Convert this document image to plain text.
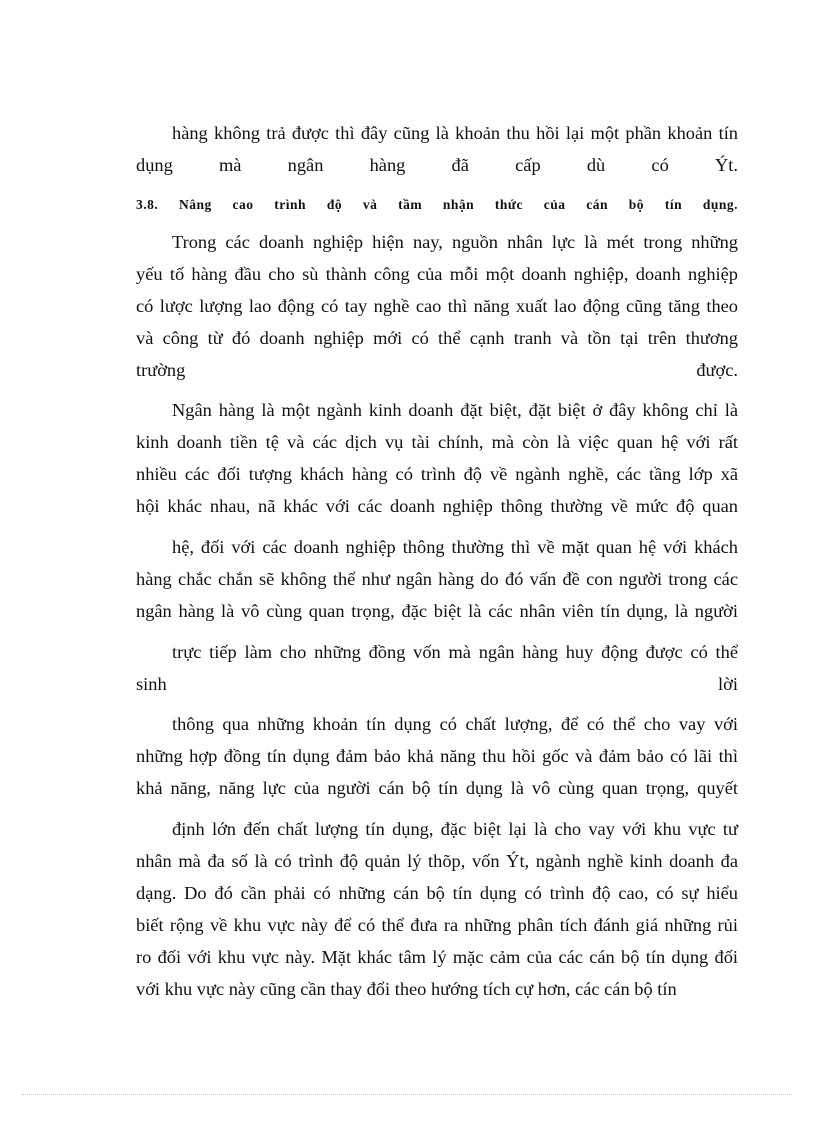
hàng không trả được thì đây cũng là khoản thu hồi lại một phần khoản tín
dụng mà ngân hàng đã cấp dù có Ýt.
3.8. Nâng cao trình độ và tầm nhận thức của cán bộ tín dụng.
Trong các doanh nghiệp hiện nay, nguồn nhân lực là mét trong những
yếu tố hàng đầu cho sù thành công của mỗi một doanh nghiệp, doanh nghiệp
có lược lượng lao động có tay nghề cao thì năng xuất lao động cũng tăng theo
và công từ đó doanh nghiệp mới có thể cạnh tranh và tồn tại trên thương
trường được.
Ngân hàng là một ngành kinh doanh đặt biệt, đặt biệt ở đây không chỉ là
kinh doanh tiền tệ và các dịch vụ tài chính, mà còn là việc quan hệ với rất
nhiều các đối tượng khách hàng có trình độ về ngành nghề, các tầng lớp xã
hội khác nhau, nã khác với các doanh nghiệp thông thường về mức độ quan
hệ, đối với các doanh nghiệp thông thường thì về mặt quan hệ với khách
hàng chắc chắn sẽ không thể như ngân hàng do đó vấn đề con người trong các
ngân hàng là vô cùng quan trọng, đặc biệt là các nhân viên tín dụng, là người
trực tiếp làm cho những đồng vốn mà ngân hàng huy động được có thể
sinh lời
thông qua những khoản tín dụng có chất lượng, để có thể cho vay với
những hợp đồng tín dụng đảm bảo khả năng thu hồi gốc và đảm bảo có lãi thì
khả năng, năng lực của người cán bộ tín dụng là vô cùng quan trọng, quyết
định lớn đến chất lượng tín dụng, đặc biệt lại là cho vay với khu vực tư
nhân mà đa số là có trình độ quản lý thõp, vốn Ýt, ngành nghề kinh doanh đa
dạng. Do đó cần phải có những cán bộ tín dụng có trình độ cao, có sự hiểu
biết rộng về khu vực này để có thể đưa ra những phân tích đánh giá những rủi
ro đối với khu vực này. Mặt khác tâm lý mặc cảm của các cán bộ tín dụng đối
với khu vực này cũng cần thay đổi theo hướng tích cự hơn, các cán bộ tín
